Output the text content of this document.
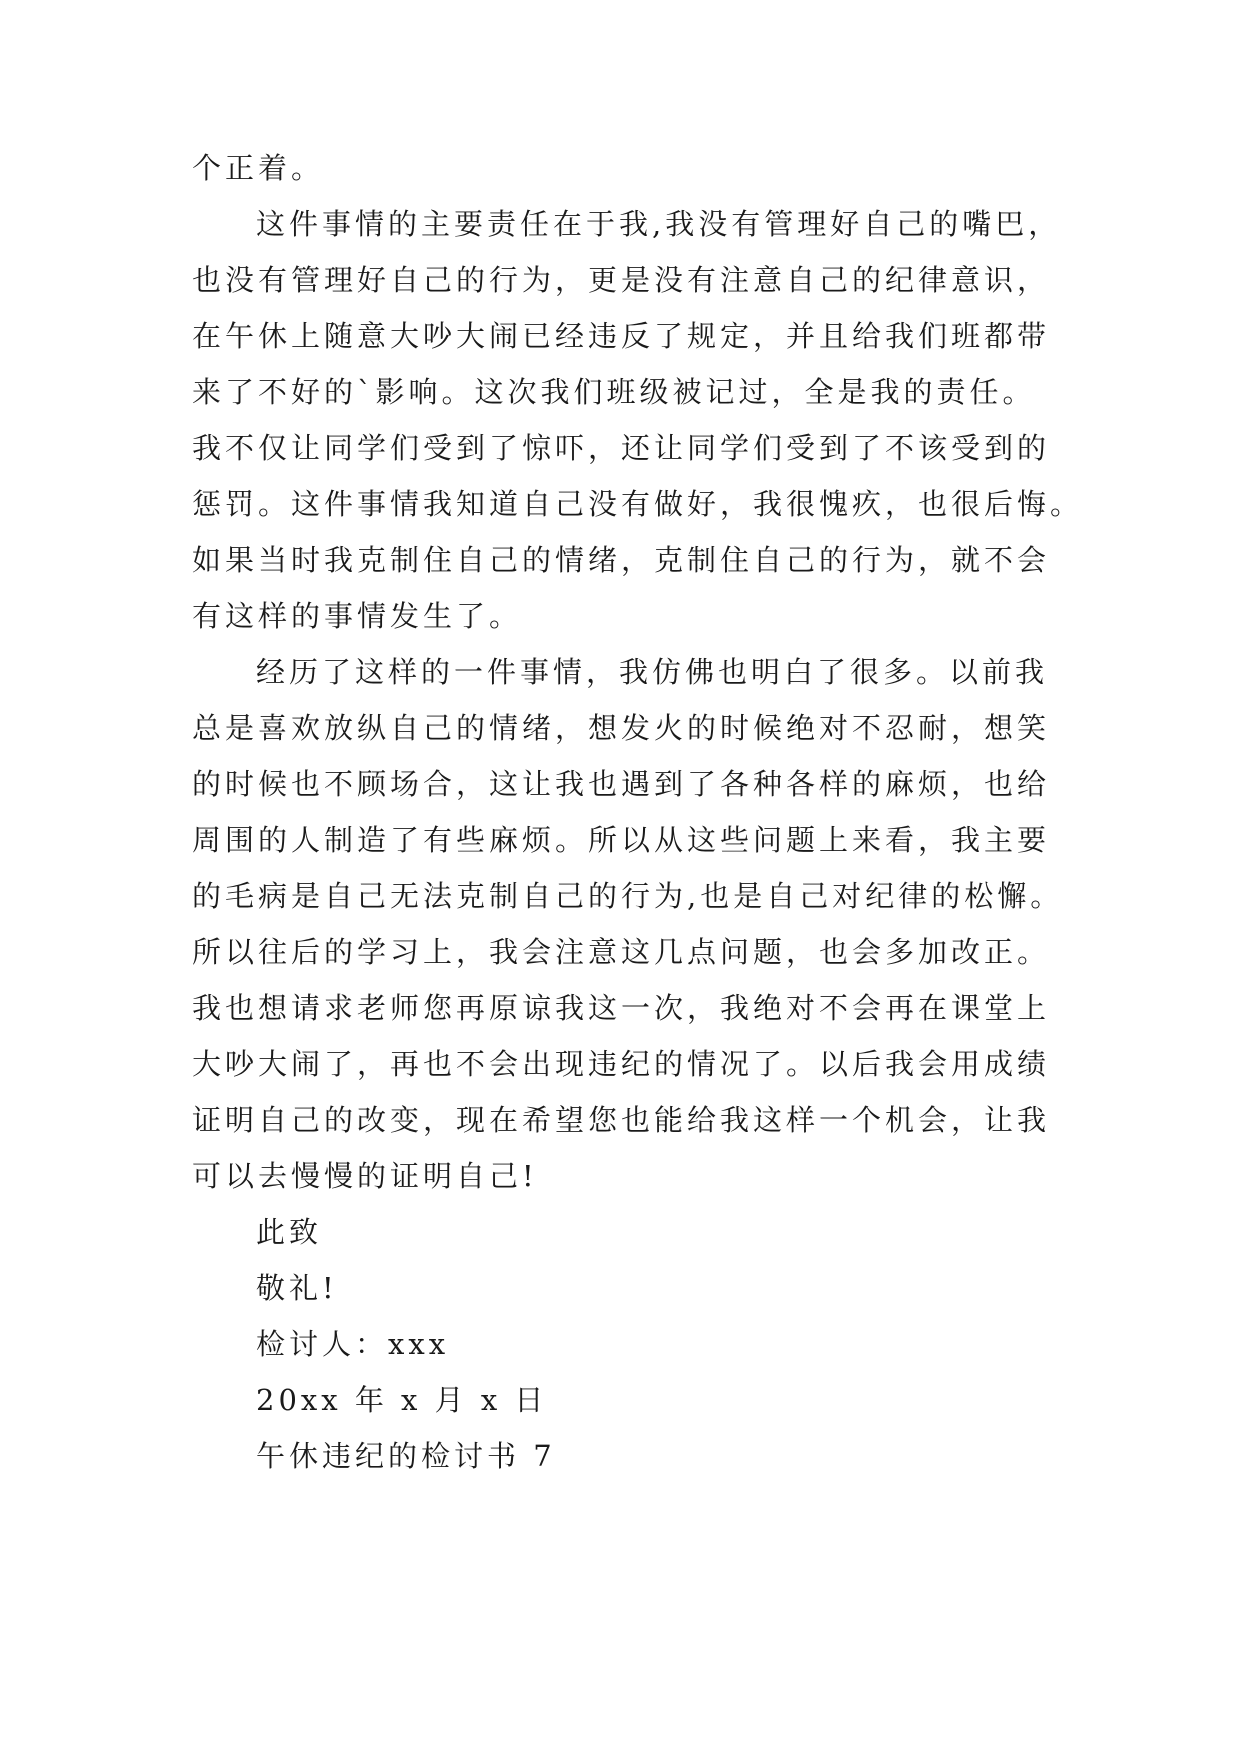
个正着。
这件事情的主要责任在于我,我没有管理好自己的嘴巴，
也没有管理好自己的行为，更是没有注意自己的纪律意识，
在午休上随意大吵大闹已经违反了规定，并且给我们班都带
来了不好的`影响。这次我们班级被记过，全是我的责任。
我不仅让同学们受到了惊吓，还让同学们受到了不该受到的
惩罚。这件事情我知道自己没有做好，我很愧疚，也很后悔。
如果当时我克制住自己的情绪，克制住自己的行为，就不会
有这样的事情发生了。
经历了这样的一件事情，我仿佛也明白了很多。以前我
总是喜欢放纵自己的情绪，想发火的时候绝对不忍耐，想笑
的时候也不顾场合，这让我也遇到了各种各样的麻烦，也给
周围的人制造了有些麻烦。所以从这些问题上来看，我主要
的毛病是自己无法克制自己的行为,也是自己对纪律的松懈。
所以往后的学习上，我会注意这几点问题，也会多加改正。
我也想请求老师您再原谅我这一次，我绝对不会再在课堂上
大吵大闹了，再也不会出现违纪的情况了。以后我会用成绩
证明自己的改变，现在希望您也能给我这样一个机会，让我
可以去慢慢的证明自己!
此致
敬礼!
检讨人：xxx
20xx 年 x 月 x 日
午休违纪的检讨书 7
